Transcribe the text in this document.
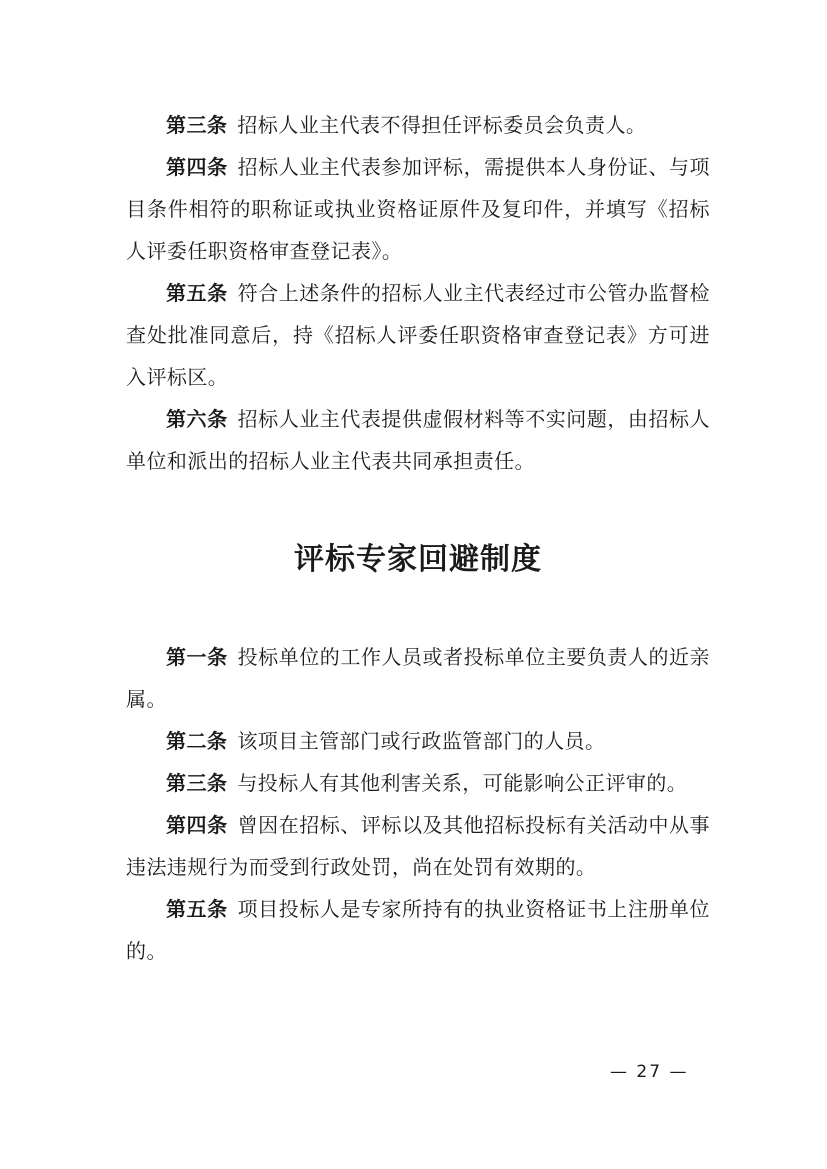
第三条 招标人业主代表不得担任评标委员会负责人。

第四条 招标人业主代表参加评标，需提供本人身份证、与项目条件相符的职称证或执业资格证原件及复印件，并填写《招标人评委任职资格审查登记表》。

第五条 符合上述条件的招标人业主代表经过市公管办监督检查处批准同意后，持《招标人评委任职资格审查登记表》方可进入评标区。

第六条 招标人业主代表提供虚假材料等不实问题，由招标人单位和派出的招标人业主代表共同承担责任。

评标专家回避制度

第一条 投标单位的工作人员或者投标单位主要负责人的近亲属。

第二条 该项目主管部门或行政监管部门的人员。

第三条 与投标人有其他利害关系，可能影响公正评审的。

第四条 曾因在招标、评标以及其他招标投标有关活动中从事违法违规行为而受到行政处罚，尚在处罚有效期的。

第五条 项目投标人是专家所持有的执业资格证书上注册单位的。

— 27 —
